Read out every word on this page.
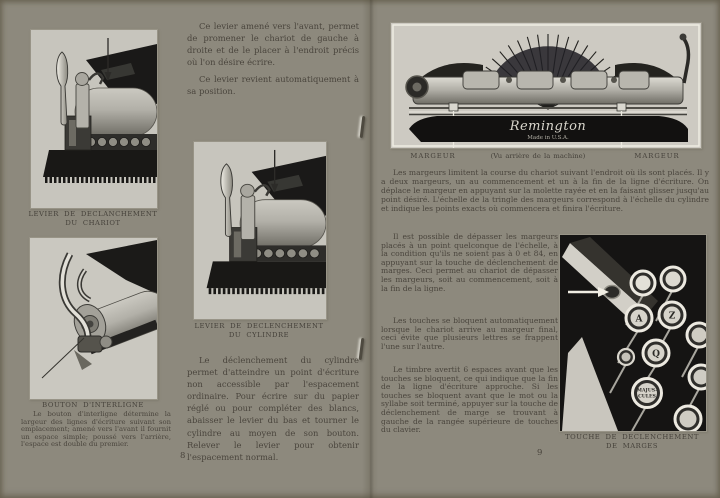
LEVIER DE DECLANCHEMENT
DU CHARIOT
BOUTON D'INTERLIGNE
Le bouton d'interligne détermine la largeur des lignes d'écriture suivant son emplacement; amené vers l'avant il fournit un espace simple; poussé vers l'arrière, l'espace est double du premier.
Ce levier amené vers l'avant, permet de promener le chariot de gauche à droite et de le placer à l'endroit précis où l'on désire écrire.
Ce levier revient automatiquement à sa position.
LEVIER DE DECLENCHEMENT
DU CYLINDRE
Le déclenchement du cylindre permet d'atteindre un point d'écriture non accessible par l'espacement ordinaire. Pour écrire sur du papier réglé ou pour compléter des blancs, abaisser le levier du bas et tourner le cylindre au moyen de son bouton. Relever le levier pour obtenir l'espacement normal.
8
Remington
Made in U.S.A.
MARGEUR	(Vu arrière de la machine)	MARGEUR
Les margeurs limitent la course du chariot suivant l'endroit où ils sont placés. Il y a deux margeurs, un au commencement et un à la fin de la ligne d'écriture. On déplace le margeur en appuyant sur la molette rayée et en la faisant glisser jusqu'au point désiré. L'échelle de la tringle des margeurs correspond à l'échelle du cylindre et indique les points exacts où commencera et finira l'écriture.
Il est possible de dépasser les margeurs placés à un point quelconque de l'échelle, à la condition qu'ils ne soient pas à 0 et 84, en appuyant sur la touche de déclenchement de marges. Ceci permet au chariot de dépasser les margeurs, soit au commencement, soit à la fin de la ligne.
Les touches se bloquent automatiquement lorsque le chariot arrive au margeur final, ceci évite que plusieurs lettres se frappent l'une sur l'autre.
Le timbre avertit 6 espaces avant que les touches se bloquent, ce qui indique que la fin de la ligne d'écriture approche. Si les touches se bloquent avant que le mot ou la syllabe soit terminé, appuyer sur la touche de déclenchement de marge se trouvant à gauche de la rangée supérieure de touches du clavier.
A	Z
Q
MAJUS-
CULES
TOUCHE DE DECLENCHEMENT
DE MARGES
9
